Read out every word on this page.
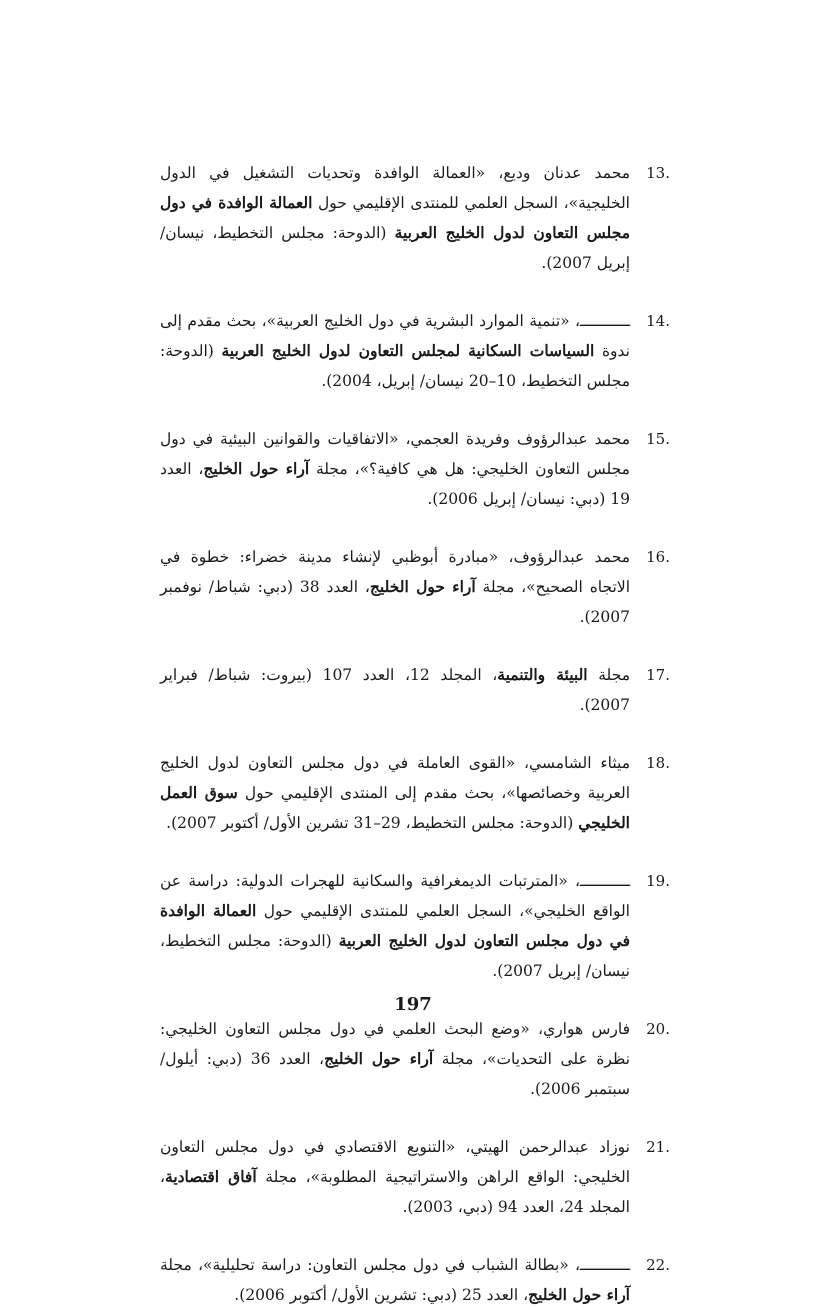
13.
محمد عدنان وديع، «العمالة الوافدة وتحديات التشغيل في الدول الخليجية»، السجل العلمي للمنتدى الإقليمي حول العمالة الوافدة في دول مجلس التعاون لدول الخليج العربية (الدوحة: مجلس التخطيط، نيسان/ إبريل 2007).
14.
ـــــــــــ، «تنمية الموارد البشرية في دول الخليج العربية»، بحث مقدم إلى ندوة السياسات السكانية لمجلس التعاون لدول الخليج العربية (الدوحة: مجلس التخطيط، 10–20 نيسان/ إبريل، 2004).
15.
محمد عبدالرؤوف وفريدة العجمي، «الاتفاقيات والقوانين البيئية في دول مجلس التعاون الخليجي: هل هي كافية؟»، مجلة آراء حول الخليج، العدد 19 (دبي: نيسان/ إبريل 2006).
16.
محمد عبدالرؤوف، «مبادرة أبوظبي لإنشاء مدينة خضراء: خطوة في الاتجاه الصحيح»، مجلة آراء حول الخليج، العدد 38 (دبي: شباط/ نوفمبر 2007).
17.
مجلة البيئة والتنمية، المجلد 12، العدد 107 (بيروت: شباط/ فبراير 2007).
18.
ميثاء الشامسي، «القوى العاملة في دول مجلس التعاون لدول الخليج العربية وخصائصها»، بحث مقدم إلى المنتدى الإقليمي حول سوق العمل الخليجي (الدوحة: مجلس التخطيط، 29–31 تشرين الأول/ أكتوبر 2007).
19.
ـــــــــــ، «المترتبات الديمغرافية والسكانية للهجرات الدولية: دراسة عن الواقع الخليجي»، السجل العلمي للمنتدى الإقليمي حول العمالة الوافدة في دول مجلس التعاون لدول الخليج العربية (الدوحة: مجلس التخطيط، نيسان/ إبريل 2007).
20.
فارس هواري، «وضع البحث العلمي في دول مجلس التعاون الخليجي: نظرة على التحديات»، مجلة آراء حول الخليج، العدد 36 (دبي: أيلول/ سبتمبر 2006).
21.
نوزاد عبدالرحمن الهيتي، «التنويع الاقتصادي في دول مجلس التعاون الخليجي: الواقع الراهن والاستراتيجية المطلوبة»، مجلة آفاق اقتصادية، المجلد 24، العدد 94 (دبي، 2003).
22.
ـــــــــــ، «بطالة الشباب في دول مجلس التعاون: دراسة تحليلية»، مجلة آراء حول الخليج، العدد 25 (دبي: تشرين الأول/ أكتوبر 2006).
197
